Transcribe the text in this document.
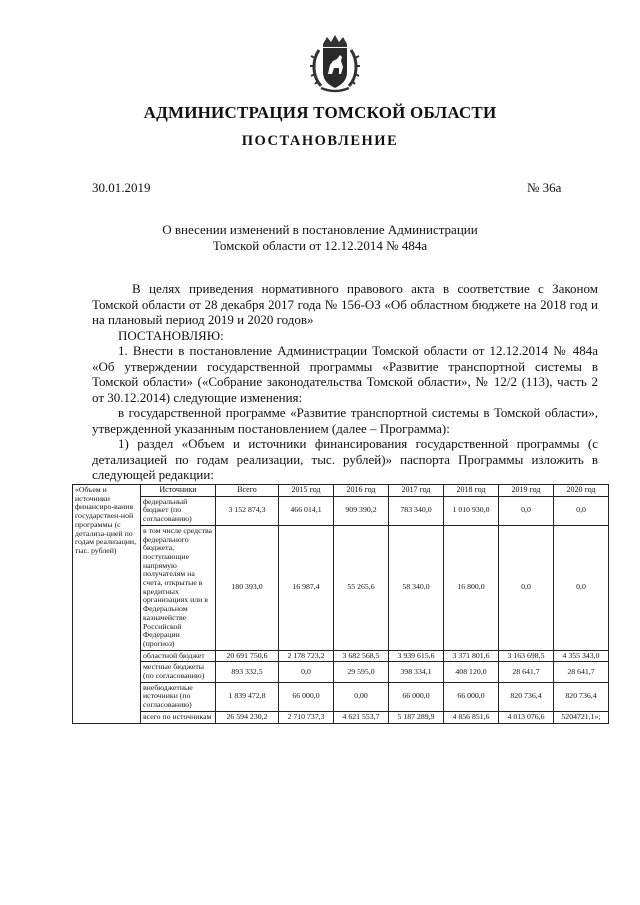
АДМИНИСТРАЦИЯ ТОМСКОЙ ОБЛАСТИ
ПОСТАНОВЛЕНИЕ
30.01.2019	№ 36а
О внесении изменений в постановление Администрации
Томской области от 12.12.2014 № 484а

В целях приведения нормативного правового акта в соответствие с Законом Томской области от 28 декабря 2017 года № 156-ОЗ «Об областном бюджете на 2018 год и на плановый период 2019 и 2020 годов»

ПОСТАНОВЛЯЮ:

1. Внести в постановление Администрации Томской области от 12.12.2014 № 484а «Об утверждении государственной программы «Развитие транспортной системы в Томской области» («Собрание законодательства Томской области», № 12/2 (113), часть 2 от 30.12.2014) следующие изменения:

в государственной программе «Развитие транспортной системы в Томской области», утвержденной указанным постановлением (далее – Программа):

1) раздел «Объем и источники финансирования государственной программы (с детализацией по годам реализации, тыс. рублей)» паспорта Программы изложить в следующей редакции:

«Объем и источники финансиро-вания государствен-ной программы (с детализа-цией по годам реализации, тыс. рублей)	Источники	Всего	2015 год	2016 год	2017 год	2018 год	2019 год	2020 год
	федеральный бюджет (по согласованию)	3 152 874,3	466 014,1	909 390,2	783 340,0	1 010 930,0	0,0	0,0
	в том числе средства федерального бюджета, поступающие напрямую получателям на счета, открытые в кредитных организациях или в Федеральном казначействе Российской Федерации (прогноз)	180 393,0	16 987,4	55 265,6	58 340,0	16 800,0	0,0	0,0
	областной бюджет	20 691 750,6	2 178 723,2	3 682 568,5	3 939 615,6	3 371 801,6	3 163 698,5	4 355 343,0
	местные бюджеты (по согласованию)	893 332,5	0,0	29 595,0	398 334,1	408 120,0	28 641,7	28 641,7
	внебюджетные источники (по согласованию)	1 839 472,8	66 000,0	0,00	66 000,0	66 000,0	820 736,4	820 736,4
	всего по источникам	26 594 230,2	2 710 737,3	4 621 553,7	5 187 289,9	4 856 851,6	4 013 076,6	5204721,1»;
